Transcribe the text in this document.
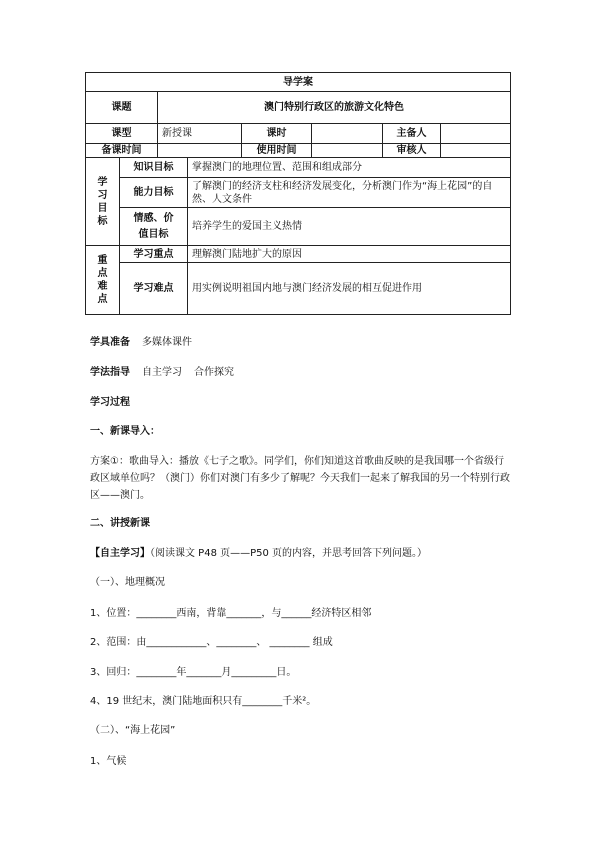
导学案							
课题		澳门特别行政区的旅游文化特色					
课型		新授课		课时		主备人	
备课时间				使用时间		审核人	
学
习
目
标	知识目标		掌握澳门的地理位置、范围和组成部分				
	能力目标		了解澳门的经济支柱和经济发展变化，分析澳门作为“海上花园”的自然、人文条件				
	情感、价
值目标		培养学生的爱国主义热情				
重
点
难
点	学习重点		理解澳门陆地扩大的原因				
	学习难点		用实例说明祖国内地与澳门经济发展的相互促进作用				

学具准备 多媒体课件

学法指导 自主学习 合作探究

学习过程

一、新课导入：

方案①：歌曲导入：播放《七子之歌》。同学们，你们知道这首歌曲反映的是我国哪一个省级行政区域单位吗？（澳门）你们对澳门有多少了解呢？今天我们一起来了解我国的另一个特别行政区——澳门。

二、讲授新课

【自主学习】（阅读课文 P48 页——P50 页的内容，并思考回答下列问题。）

（一）、地理概况

1、位置：________西南，背靠_______，与______经济特区相邻

2、范围：由____________、________、 ________ 组成

3、回归：________年_______月_________日。

4、19 世纪末，澳门陆地面积只有________千米²。

（二）、“海上花园”

1、气候
